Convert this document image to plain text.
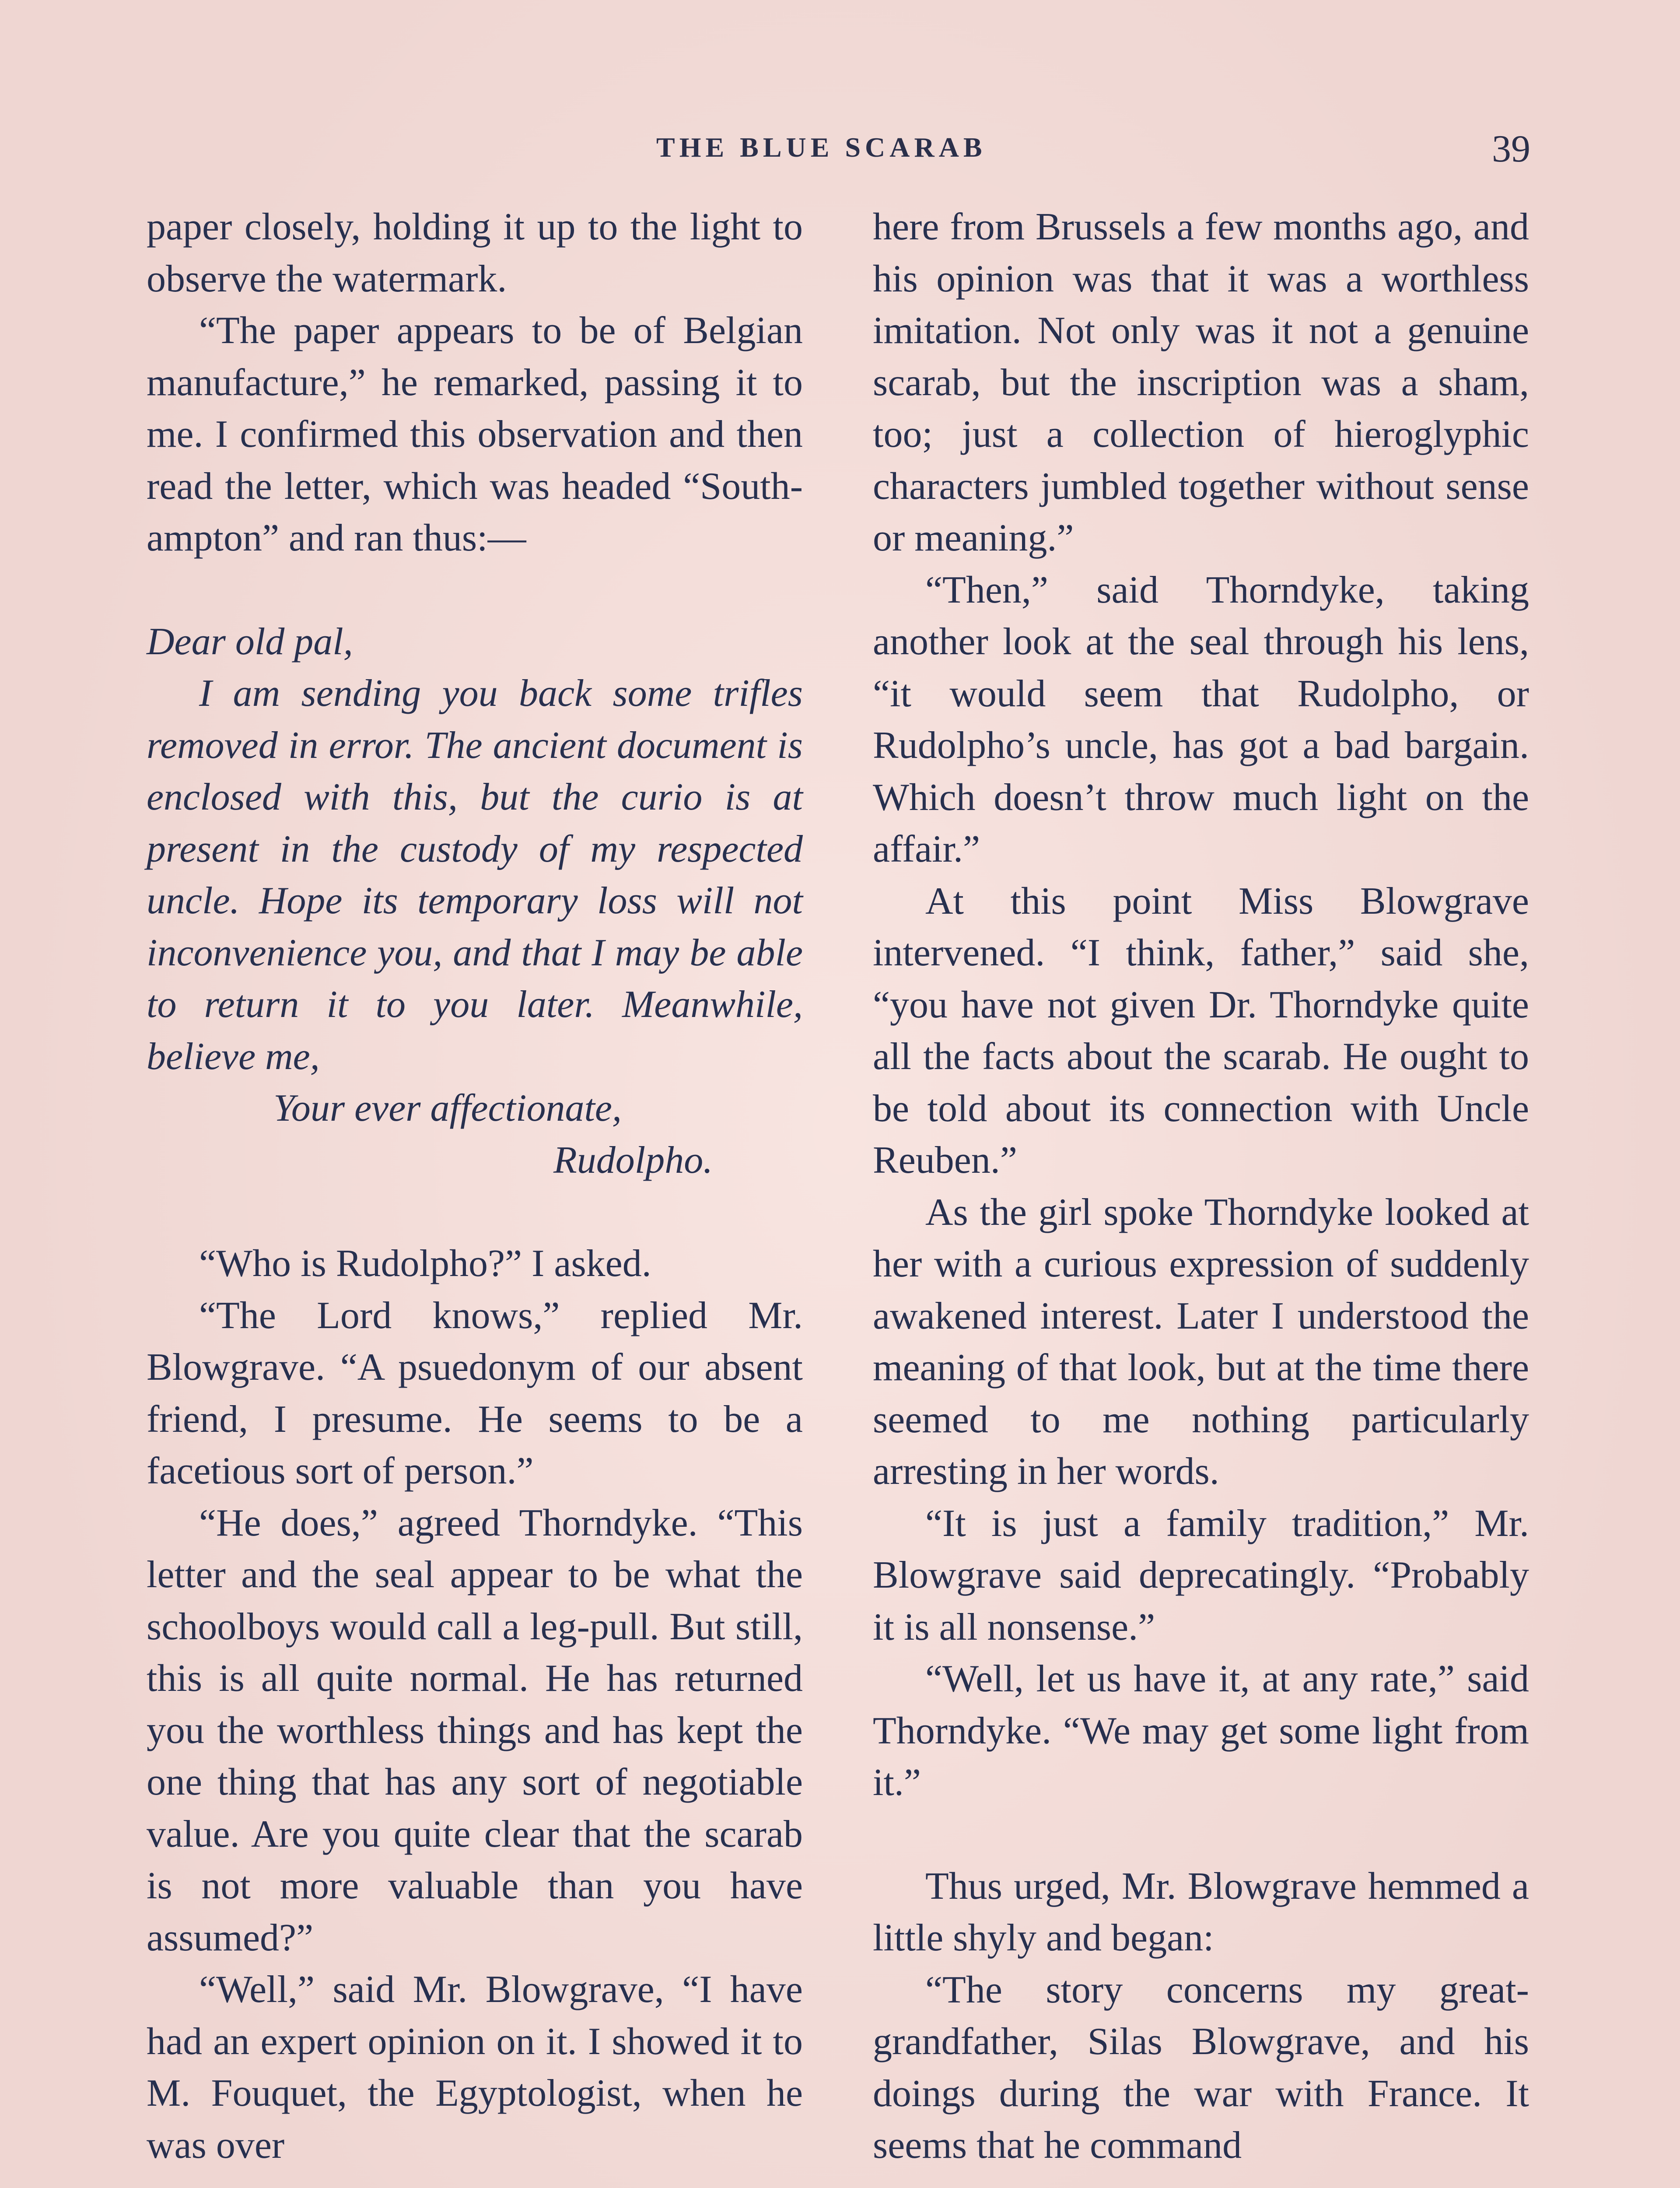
THE BLUE SCARAB	39

paper closely, holding it up to the light to observe the watermark.

“The paper appears to be of Belgian manufacture,” he remarked, passing it to me. I confirmed this observation and then read the letter, which was headed “Southampton” and ran thus:—

Dear old pal,

I am sending you back some trifles removed in error. The ancient document is enclosed with this, but the curio is at present in the custody of my respected uncle. Hope its temporary loss will not inconvenience you, and that I may be able to return it to you later. Meanwhile, believe me,

Your ever affectionate,

Rudolpho.

“Who is Rudolpho?” I asked.

“The Lord knows,” replied Mr. Blowgrave. “A psuedonym of our absent friend, I presume. He seems to be a facetious sort of person.”

“He does,” agreed Thorndyke. “This letter and the seal appear to be what the schoolboys would call a leg-pull. But still, this is all quite normal. He has returned you the worthless things and has kept the one thing that has any sort of negotiable value. Are you quite clear that the scarab is not more valuable than you have assumed?”

“Well,” said Mr. Blowgrave, “I have had an expert opinion on it. I showed it to M. Fouquet, the Egyptologist, when he was over

here from Brussels a few months ago, and his opinion was that it was a worthless imitation. Not only was it not a genuine scarab, but the inscription was a sham, too; just a collection of hieroglyphic characters jumbled together without sense or meaning.”

“Then,” said Thorndyke, taking another look at the seal through his lens, “it would seem that Rudolpho, or Rudolpho’s uncle, has got a bad bargain. Which doesn’t throw much light on the affair.”

At this point Miss Blowgrave intervened. “I think, father,” said she, “you have not given Dr. Thorndyke quite all the facts about the scarab. He ought to be told about its connection with Uncle Reuben.”

As the girl spoke Thorndyke looked at her with a curious expression of suddenly awakened interest. Later I understood the meaning of that look, but at the time there seemed to me nothing particularly arresting in her words.

“It is just a family tradition,” Mr. Blowgrave said deprecatingly. “Probably it is all nonsense.”

“Well, let us have it, at any rate,” said Thorndyke. “We may get some light from it.”

Thus urged, Mr. Blowgrave hemmed a little shyly and began:

“The story concerns my great-grandfather, Silas Blowgrave, and his doings during the war with France. It seems that he command
